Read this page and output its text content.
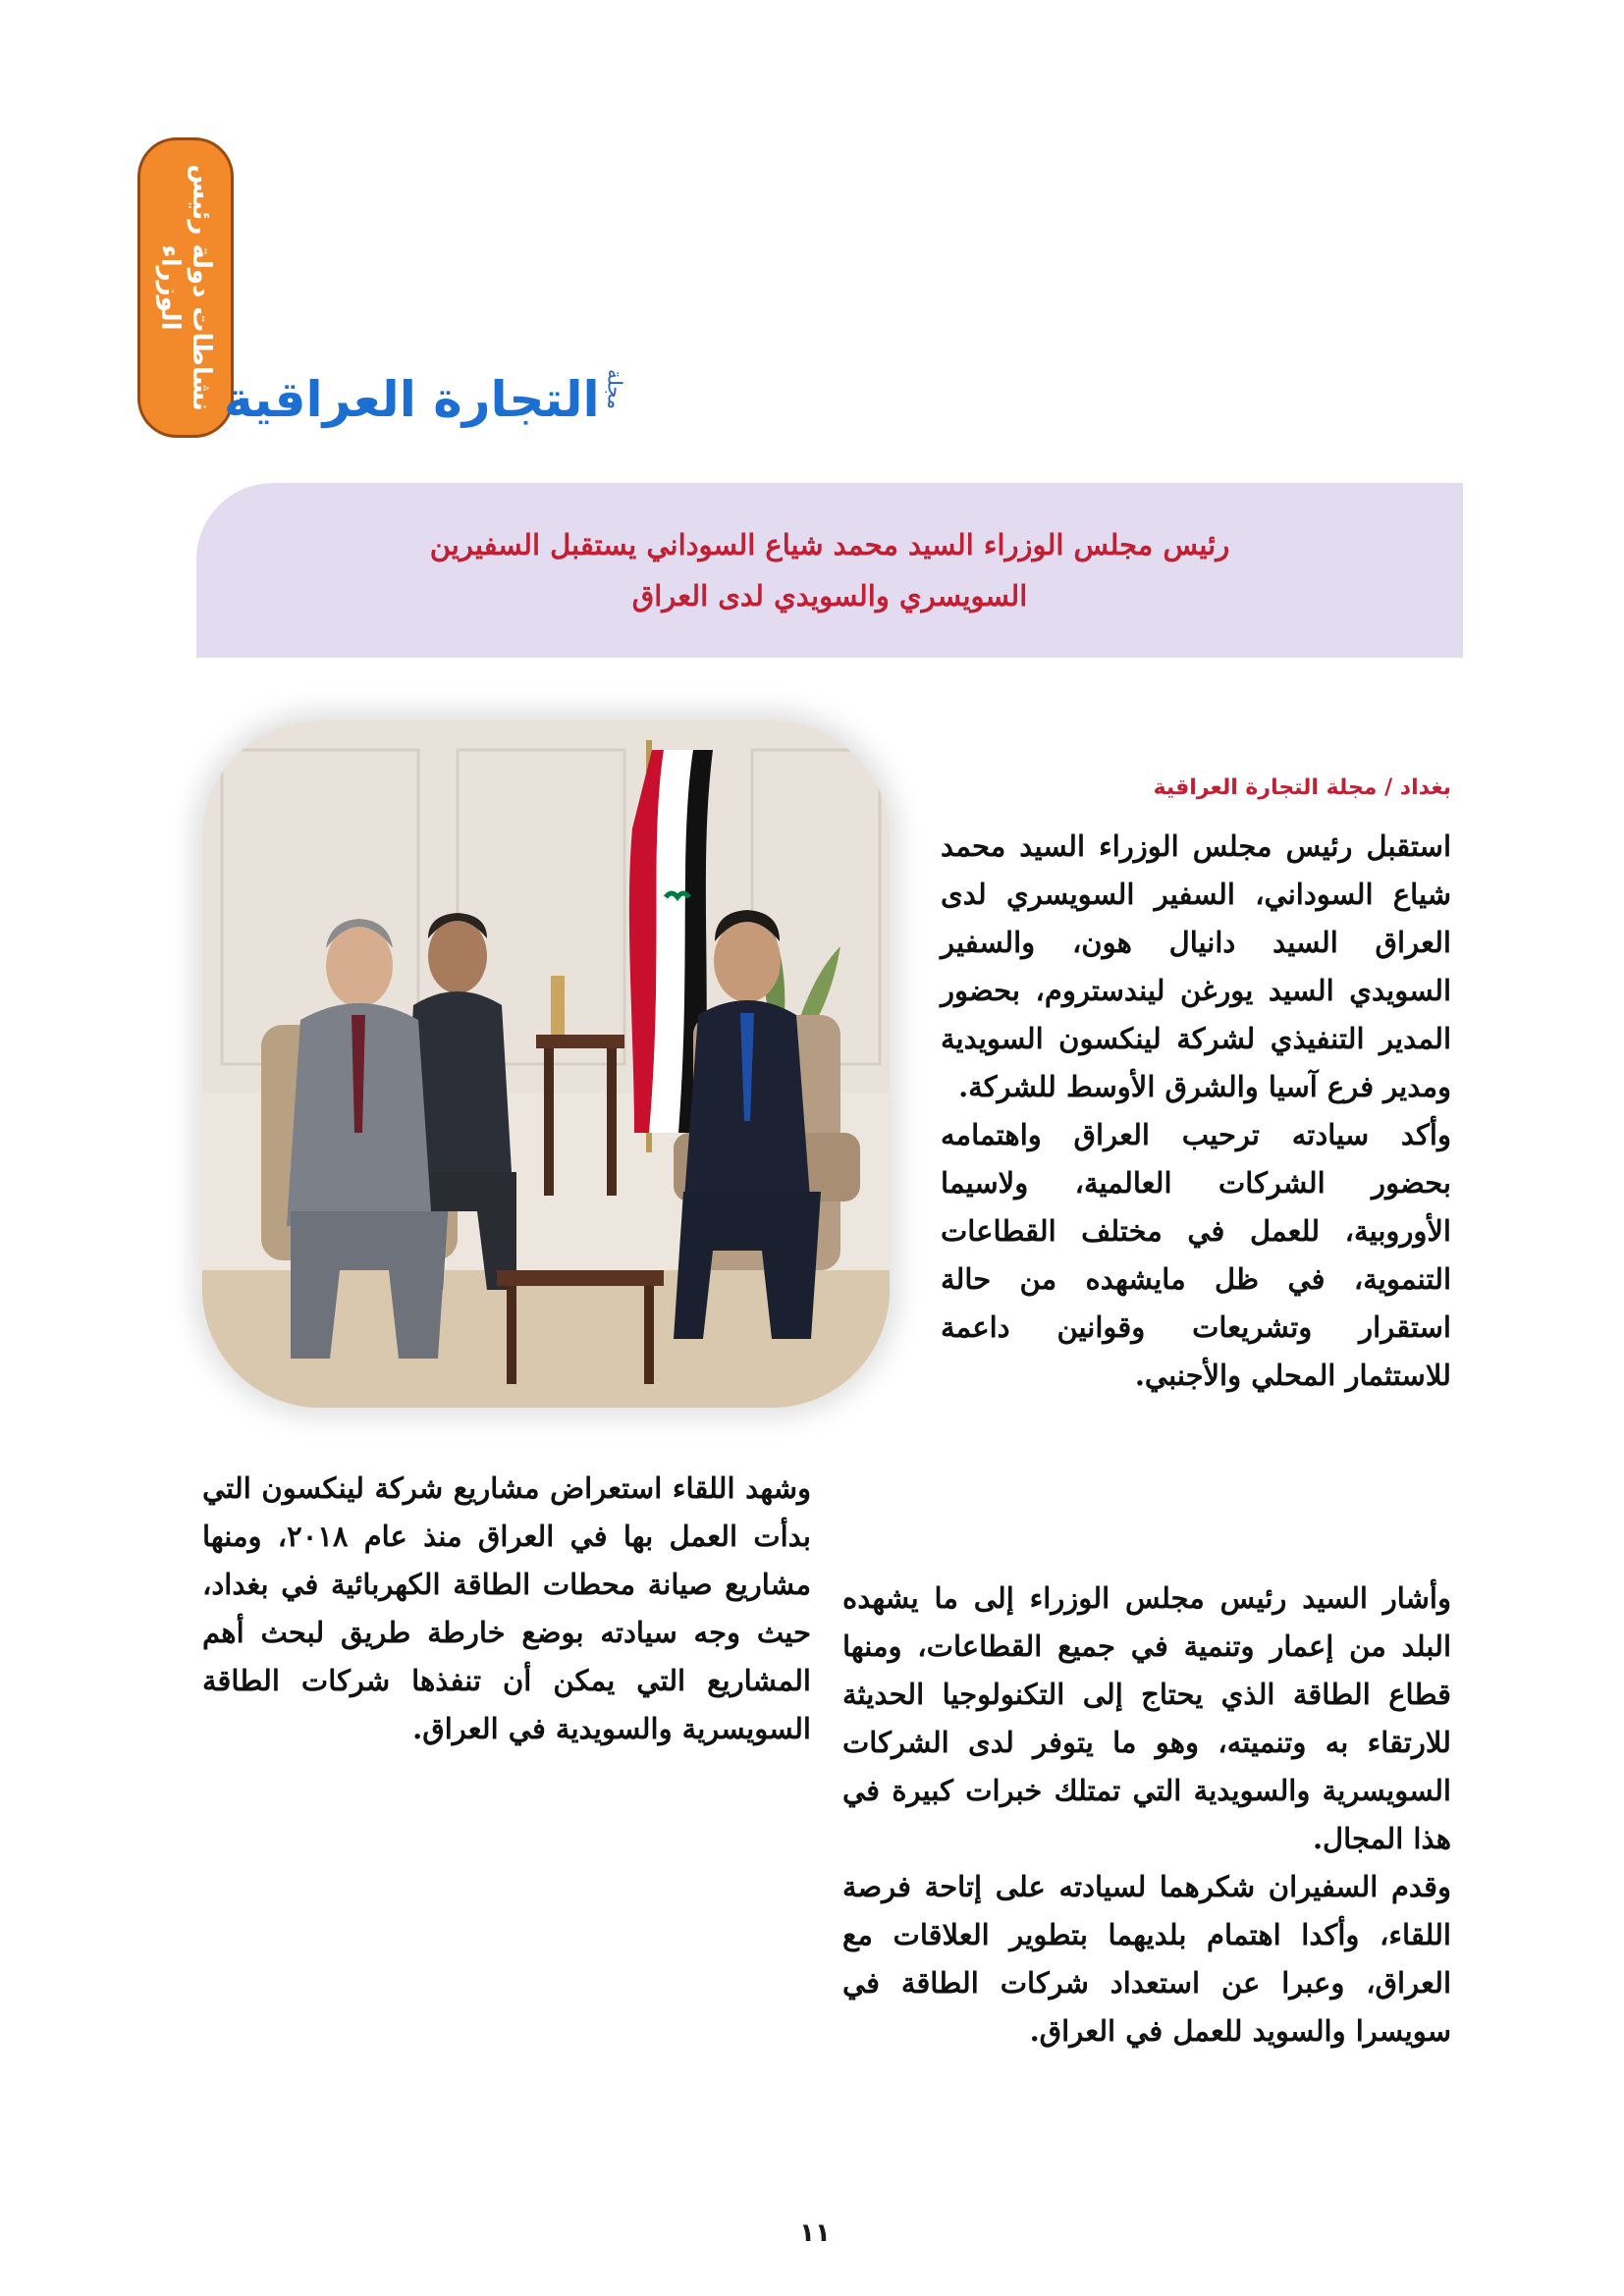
نشاطات دولة رئيس
الوزراء
مجلة
التجارة العراقية
رئيس مجلس الوزراء السيد محمد شياع السوداني يستقبل السفيرين
السويسري والسويدي لدى العراق
بغداد / مجلة التجارة العراقية

استقبل رئيس مجلس الوزراء السيد محمد شياع السوداني، السفير السويسري لدى العراق السيد دانيال هون، والسفير السويدي السيد يورغن ليندستروم، بحضور المدير التنفيذي لشركة لينكسون السويدية ومدير فرع آسيا والشرق الأوسط للشركة.

وأكد سيادته ترحيب العراق واهتمامه بحضور الشركات العالمية، ولاسيما الأوروبية، للعمل في مختلف القطاعات التنموية، في ظل مايشهده من حالة استقرار وتشريعات وقوانين داعمة للاستثمار المحلي والأجنبي.

وأشار السيد رئيس مجلس الوزراء إلى ما يشهده البلد من إعمار وتنمية في جميع القطاعات، ومنها قطاع الطاقة الذي يحتاج إلى التكنولوجيا الحديثة للارتقاء به وتنميته، وهو ما يتوفر لدى الشركات السويسرية والسويدية التي تمتلك خبرات كبيرة في هذا المجال.

وقدم السفيران شكرهما لسيادته على إتاحة فرصة اللقاء، وأكدا اهتمام بلديهما بتطوير العلاقات مع العراق، وعبرا عن استعداد شركات الطاقة في سويسرا والسويد للعمل في العراق.

وشهد اللقاء استعراض مشاريع شركة لينكسون التي بدأت العمل بها في العراق منذ عام ٢٠١٨، ومنها مشاريع صيانة محطات الطاقة الكهربائية في بغداد، حيث وجه سيادته بوضع خارطة طريق لبحث أهم المشاريع التي يمكن أن تنفذها شركات الطاقة السويسرية والسويدية في العراق.

١١
